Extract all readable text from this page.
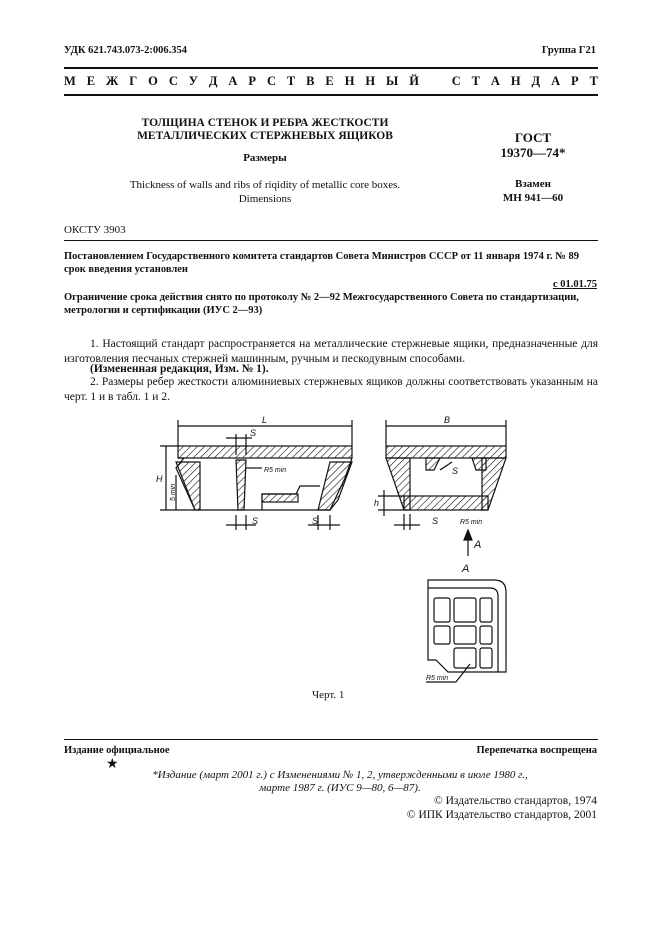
УДК 621.743.073-2:006.354	Группа Г21
М Е Ж Г О С У Д А Р С Т В Е Н Н Ы Й	С Т А Н Д А Р Т
ТОЛЩИНА СТЕНОК И РЕБРА ЖЕСТКОСТИ
МЕТАЛЛИЧЕСКИХ СТЕРЖНЕВЫХ ЯЩИКОВ
Размеры
Thickness of walls and ribs of riqidity of metallic core boxes.
Dimensions
ГОСТ
19370—74*
Взамен
МН 941—60
ОКСТУ 3903
Постановлением Государственного комитета стандартов Совета Министров СССР от 11 января 1974 г. № 89 срок введения установлен
с 01.01.75
Ограничение срока действия снято по протоколу № 2—92 Межгосударственного Совета по стандартизации, метрологии и сертификации (ИУС 2—93)
1. Настоящий стандарт распространяется на металлические стержневые ящики, предназначенные для изготовления песчаных стержней машинным, ручным и пескодувным способами.
(Измененная редакция, Изм. № 1).
2. Размеры ребер жесткости алюминиевых стержневых ящиков должны соответствовать указанным на черт. 1 и в табл. 1 и 2.
L	B
H
h
S	S	S
S
S
R5 min
R5 min
R5 min
5 min
A
A
Черт. 1
Издание официальное	Перепечатка воспрещена
★
*Издание (март 2001 г.) с Изменениями № 1, 2, утвержденными в июле 1980 г.,
марте 1987 г. (ИУС 9—80, 6—87).
© Издательство стандартов, 1974
© ИПК Издательство стандартов, 2001
